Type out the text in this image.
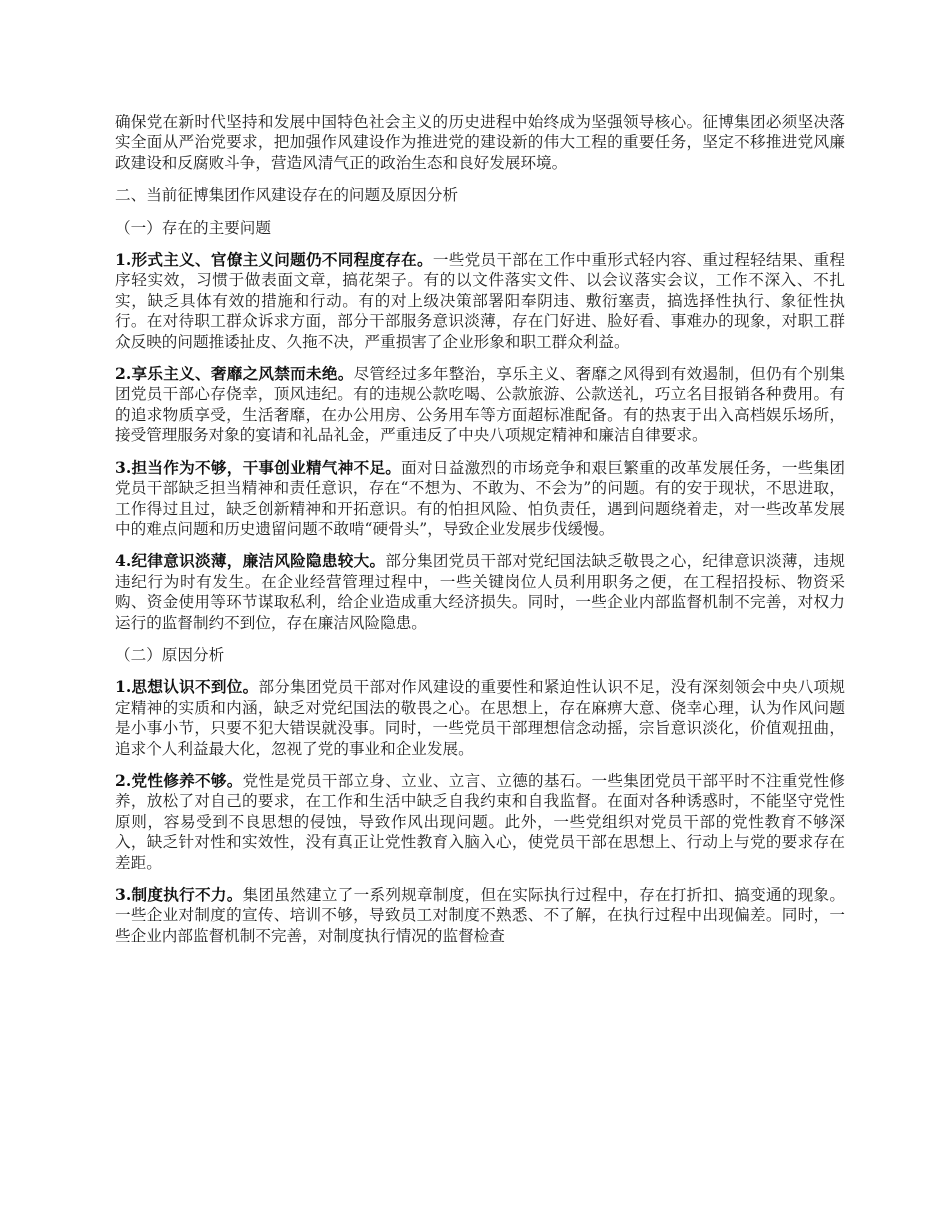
确保党在新时代坚持和发展中国特色社会主义的历史进程中始终成为坚强领导核心。征博集团必须坚决落实全面从严治党要求，把加强作风建设作为推进党的建设新的伟大工程的重要任务，坚定不移推进党风廉政建设和反腐败斗争，营造风清气正的政治生态和良好发展环境。

二、当前征博集团作风建设存在的问题及原因分析

（一）存在的主要问题

1.形式主义、官僚主义问题仍不同程度存在。一些党员干部在工作中重形式轻内容、重过程轻结果、重程序轻实效，习惯于做表面文章，搞花架子。有的以文件落实文件、以会议落实会议，工作不深入、不扎实，缺乏具体有效的措施和行动。有的对上级决策部署阳奉阴违、敷衍塞责，搞选择性执行、象征性执行。在对待职工群众诉求方面，部分干部服务意识淡薄，存在门好进、脸好看、事难办的现象，对职工群众反映的问题推诿扯皮、久拖不决，严重损害了企业形象和职工群众利益。

2.享乐主义、奢靡之风禁而未绝。尽管经过多年整治，享乐主义、奢靡之风得到有效遏制，但仍有个别集团党员干部心存侥幸，顶风违纪。有的违规公款吃喝、公款旅游、公款送礼，巧立名目报销各种费用。有的追求物质享受，生活奢靡，在办公用房、公务用车等方面超标准配备。有的热衷于出入高档娱乐场所，接受管理服务对象的宴请和礼品礼金，严重违反了中央八项规定精神和廉洁自律要求。

3.担当作为不够，干事创业精气神不足。面对日益激烈的市场竞争和艰巨繁重的改革发展任务，一些集团党员干部缺乏担当精神和责任意识，存在“不想为、不敢为、不会为”的问题。有的安于现状，不思进取，工作得过且过，缺乏创新精神和开拓意识。有的怕担风险、怕负责任，遇到问题绕着走，对一些改革发展中的难点问题和历史遗留问题不敢啃“硬骨头”，导致企业发展步伐缓慢。

4.纪律意识淡薄，廉洁风险隐患较大。部分集团党员干部对党纪国法缺乏敬畏之心，纪律意识淡薄，违规违纪行为时有发生。在企业经营管理过程中，一些关键岗位人员利用职务之便，在工程招投标、物资采购、资金使用等环节谋取私利，给企业造成重大经济损失。同时，一些企业内部监督机制不完善，对权力运行的监督制约不到位，存在廉洁风险隐患。

（二）原因分析

1.思想认识不到位。部分集团党员干部对作风建设的重要性和紧迫性认识不足，没有深刻领会中央八项规定精神的实质和内涵，缺乏对党纪国法的敬畏之心。在思想上，存在麻痹大意、侥幸心理，认为作风问题是小事小节，只要不犯大错误就没事。同时，一些党员干部理想信念动摇，宗旨意识淡化，价值观扭曲，追求个人利益最大化，忽视了党的事业和企业发展。

2.党性修养不够。党性是党员干部立身、立业、立言、立德的基石。一些集团党员干部平时不注重党性修养，放松了对自己的要求，在工作和生活中缺乏自我约束和自我监督。在面对各种诱惑时，不能坚守党性原则，容易受到不良思想的侵蚀，导致作风出现问题。此外，一些党组织对党员干部的党性教育不够深入，缺乏针对性和实效性，没有真正让党性教育入脑入心，使党员干部在思想上、行动上与党的要求存在差距。

3.制度执行不力。集团虽然建立了一系列规章制度，但在实际执行过程中，存在打折扣、搞变通的现象。一些企业对制度的宣传、培训不够，导致员工对制度不熟悉、不了解，在执行过程中出现偏差。同时，一些企业内部监督机制不完善，对制度执行情况的监督检查
